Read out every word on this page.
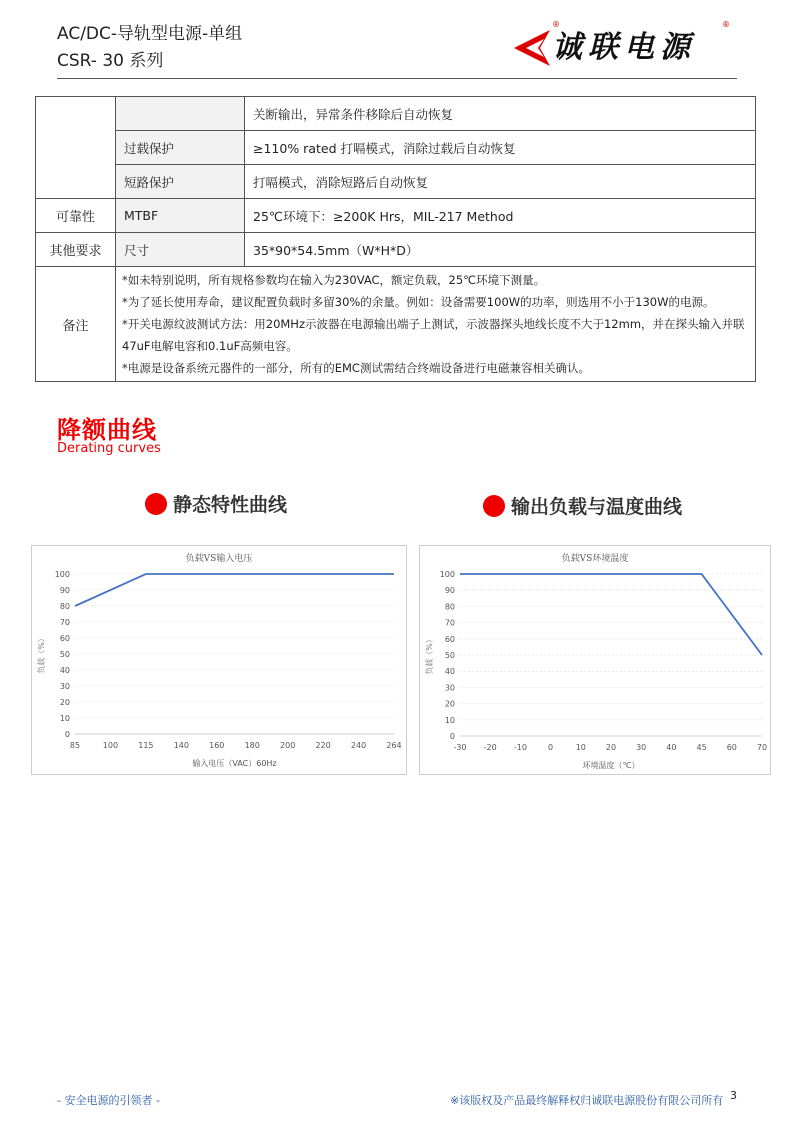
AC/DC-导轨型电源-单组
CSR- 30 系列	诚联电源
®	®
		关断输出，异常条件移除后自动恢复
	过载保护	≥110% rated 打嗝模式，消除过载后自动恢复
	短路保护	打嗝模式，消除短路后自动恢复
可靠性	MTBF	25℃环境下：≥200K Hrs，MIL-217 Method
其他要求	尺寸	35*90*54.5mm（W*H*D）
备注	*如未特别说明，所有规格参数均在输入为230VAC，额定负载，25℃环境下测量。
*为了延长使用寿命，建议配置负载时多留30%的余量。例如：设备需要100W的功率，则选用不小于130W的电源。
*开关电源纹波测试方法：用20MHz示波器在电源输出端子上测试，示波器探头地线长度不大于12mm，并在探头输入并联47uF电解电容和0.1uF高频电容。
*电源是设备系统元器件的一部分，所有的EMC测试需结合终端设备进行电磁兼容相关确认。	
降额曲线
Derating curves
静态特性曲线	输出负载与温度曲线
负载VS输入电压
0
10
20
30
40
50
60
70
80
90
100
85	100	115	140	160	180	200	220	240	264
负载（%）
输入电压（VAC）60Hz
负载VS环境温度
0
10
20
30
40
50
60
70
80
90
100
-30 -20 -10	0	10	20	30	40	45	60	70
负载（%）
环境温度（℃）
- 安全电源的引领者 -	※该版权及产品最终解释权归诚联电源股份有限公司所有 3
